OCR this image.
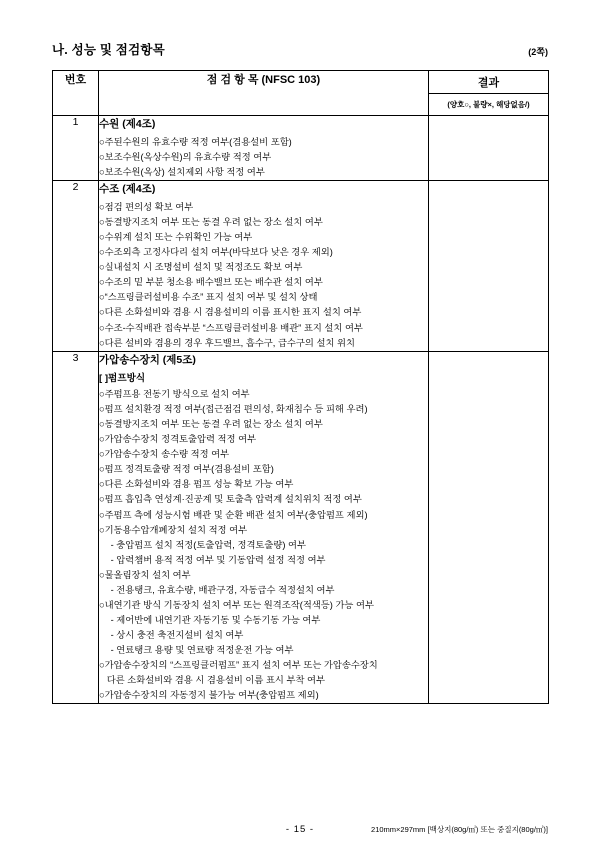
나. 성능 및 점검항목	(2쪽)
번호	점 검 항 목 (NFSC 103)	결과
(양호○, 불량×, 해당없음/)

1	수원 (제4조)
○주된수원의 유효수량 적정 여부(겸용설비 포함)
○보조수원(옥상수원)의 유효수량 적정 여부
○보조수원(옥상) 설치제외 사항 적정 여부	

2	수조 (제4조)
○점검 편의성 확보 여부
○동결방지조치 여부 또는 동결 우려 없는 장소 설치 여부
○수위계 설치 또는 수위확인 가능 여부
○수조외측 고정사다리 설치 여부(바닥보다 낮은 경우 제외)
○실내설치 시 조명설비 설치 및 적정조도 확보 여부
○수조의 밑 부분 청소용 배수밸브 또는 배수관 설치 여부
○“스프링클러설비용 수조” 표지 설치 여부 및 설치 상태
○다른 소화설비와 겸용 시 겸용설비의 이름 표시한 표지 설치 여부
○수조-수직배관 접속부분 “스프링클러설비용 배관” 표지 설치 여부
○다른 설비와 겸용의 경우 후드밸브, 흡수구, 급수구의 설치 위치

3	가압송수장치 (제5조)
[ ]펌프방식
○주펌프용 전동기 방식으로 설치 여부
○펌프 설치환경 적정 여부(접근점검 편의성, 화재침수 등 피해 우려)
○동결방지조치 여부 또는 동결 우려 없는 장소 설치 여부
○가압송수장치 정격토출압력 적정 여부
○가압송수장치 송수량 적정 여부
○펌프 정격토출량 적정 여부(겸용설비 포함)
○다른 소화설비와 겸용 펌프 성능 확보 가능 여부
○펌프 흡입측 연성계·진공계 및 토출측 압력계 설치위치 적정 여부
○주펌프 측에 성능시험 배관 및 순환 배관 설치 여부(충압펌프 제외)
○기동용수압개폐장치 설치 적정 여부
- 충압펌프 설치 적정(토출압력, 정격토출량) 여부
- 압력챔버 용적 적정 여부 및 기동압력 설정 적정 여부
○물올림장치 설치 여부
- 전용탱크, 유효수량, 배관구경, 자동급수 적정설치 여부
○내연기관 방식 기동장치 설치 여부 또는 원격조작(적색등) 가능 여부
- 제어반에 내연기관 자동기동 및 수동기동 가능 여부
- 상시 충전 축전지설비 설치 여부
- 연료탱크 용량 및 연료량 적정운전 가능 여부
○가압송수장치의 “스프링클러펌프” 표지 설치 여부 또는 가압송수장치
다른 소화설비와 겸용 시 겸용설비 이름 표시 부착 여부
○가압송수장치의 자동정지 불가능 여부(충압펌프 제외)

- 15 -	210mm×297mm [백상지(80g/㎡) 또는 중질지(80g/㎡)]
